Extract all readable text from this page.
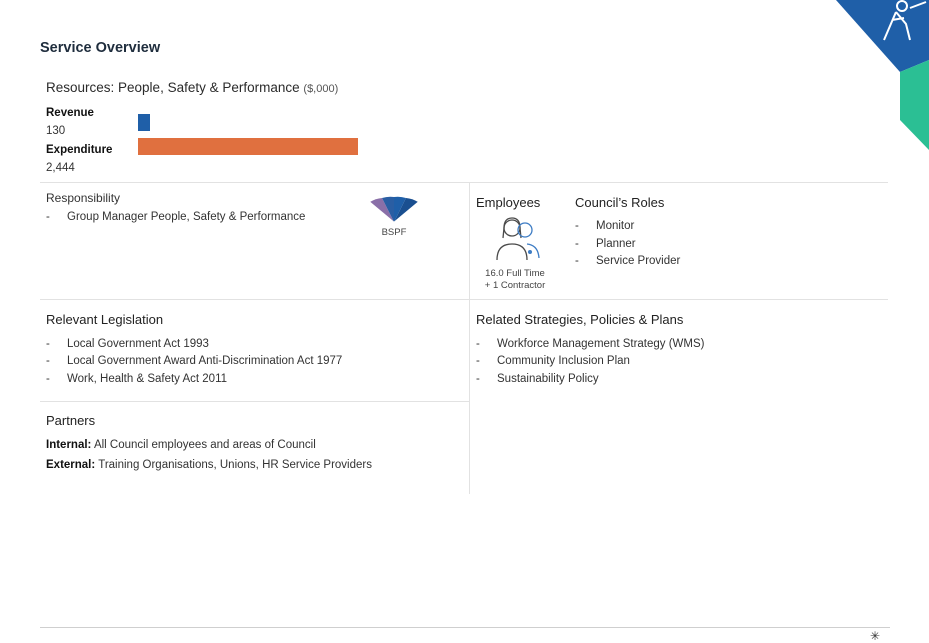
Service Overview
Resources: People, Safety & Performance ($,000)
Revenue
130
Expenditure
2,444
Responsibility
- Group Manager People, Safety & Performance
BSPF
Employees
16.0 Full Time
+ 1 Contractor
Council’s Roles
- Monitor
- Planner
- Service Provider
Relevant Legislation
- Local Government Act 1993
- Local Government Award Anti-Discrimination Act 1977
- Work, Health & Safety Act 2011
Related Strategies, Policies & Plans
- Workforce Management Strategy (WMS)
- Community Inclusion Plan
- Sustainability Policy
Partners
Internal: All Council employees and areas of Council
External: Training Organisations, Unions, HR Service Providers
✳
